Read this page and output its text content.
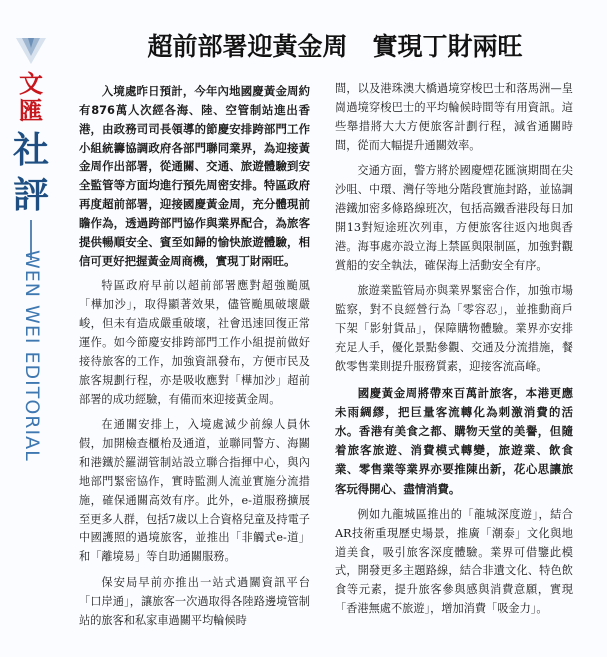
文匯
社評
WEN WEI EDITORIAL
超前部署迎黃金周　實現丁財兩旺

入境處昨日預計，今年內地國慶黃金周約有876萬人次經各海、陸、空管制站進出香港，由政務司司長領導的節慶安排跨部門工作小組統籌協調政府各部門聯同業界，為迎接黃金周作出部署，從通關、交通、旅遊體驗到安全監管等方面均進行預先周密安排。特區政府再度超前部署，迎接國慶黃金周，充分體現前瞻作為，透過跨部門協作與業界配合，為旅客提供暢順安全、賓至如歸的愉快旅遊體驗，相信可更好把握黃金周商機，實現丁財兩旺。

特區政府早前以超前部署應對超強颱風「樺加沙」，取得顯著效果，儘管颱風破壞嚴峻，但未有造成嚴重破壞，社會迅速回復正常運作。如今節慶安排跨部門工作小組提前做好接待旅客的工作，加強資訊發布，方便市民及旅客規劃行程，亦是吸收應對「樺加沙」超前部署的成功經驗，有備而來迎接黃金周。

在通關安排上，入境處減少前線人員休假，加開檢查櫃枱及通道，並聯同警方、海關和港鐵於羅湖管制站設立聯合指揮中心，與內地部門緊密協作，實時監測人流並實施分流措施，確保通關高效有序。此外，e-道服務擴展至更多人群，包括7歲以上合資格兒童及持電子中國護照的過境旅客，並推出「非觸式e-道」和「離境易」等自助通關服務。

保安局早前亦推出一站式過關資訊平台「口岸通」，讓旅客一次過取得各陸路邊境管制站的旅客和私家車過關平均輪候時

間，以及港珠澳大橋過境穿梭巴士和落馬洲—皇崗過境穿梭巴士的平均輪候時間等有用資訊。這些舉措將大大方便旅客計劃行程，減省通關時間，從而大幅提升通關效率。

交通方面，警方將於國慶煙花匯演期間在尖沙咀、中環、灣仔等地分階段實施封路，並協調港鐵加密多條路線班次，包括高鐵香港段每日加開13對短途班次列車，方便旅客往返內地與香港。海事處亦設立海上禁區與限制區，加強對觀賞船的安全執法，確保海上活動安全有序。

旅遊業監管局亦與業界緊密合作，加強市場監察，對不良經營行為「零容忍」，並推動商戶下架「影射貨品」，保障購物體驗。業界亦安排充足人手，優化景點參觀、交通及分流措施，餐飲零售業則提升服務質素，迎接客流高峰。

國慶黃金周將帶來百萬計旅客，本港更應未雨綢繆，把巨量客流轉化為刺激消費的活水。香港有美食之都、購物天堂的美譽，但隨着旅客旅遊、消費模式轉變，旅遊業、飲食業、零售業等業界亦要推陳出新，花心思讓旅客玩得開心、盡情消費。

例如九龍城區推出的「龍城深度遊」，結合AR技術重現歷史場景，推廣「潮泰」文化與地道美食，吸引旅客深度體驗。業界可借鑒此模式，開發更多主題路線，結合非遺文化、特色飲食等元素，提升旅客參與感與消費意願，實現「香港無處不旅遊」，增加消費「吸金力」。
